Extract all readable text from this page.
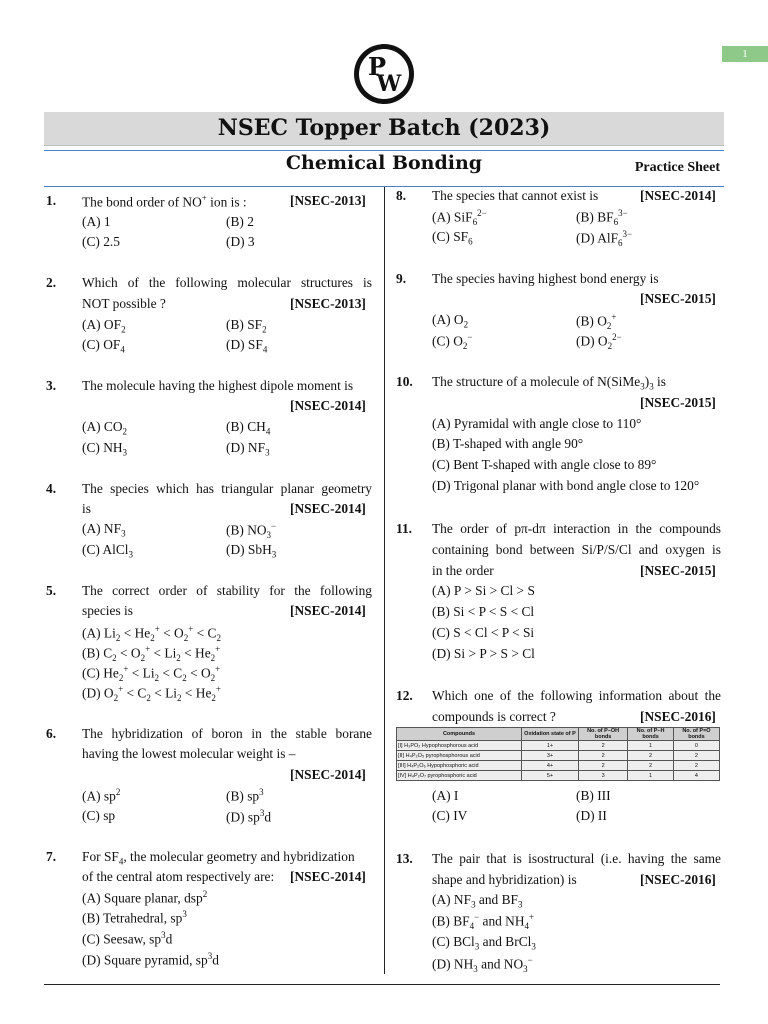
1
P
W
NSEC Topper Batch (2023)
Chemical Bonding	Practice Sheet
1. The bond order of NO+ ion is :	[NSEC-2013]
(A) 1	(B) 2
(C) 2.5	(D) 3
2. Which of the following molecular structures is
NOT possible ?	[NSEC-2013]
(A) $OF_2$	(B) $SF_2$
(C) $OF_4$	(D) $SF_4$
3. The molecule having the highest dipole moment is
[NSEC-2014]
(A) $CO_2$	(B) $CH_4$
(C) $NH_3$	(D) $NF_3$
4. The species which has triangular planar geometry
is	[NSEC-2014]
(A) $NF_3$	(B) $NO_3^-$
(C) AlCl$_3$	(D) SbH$_3$
5. The correct order of stability for the following
species is	[NSEC-2014]
(A) $Li_2 < He_2^+ < O_2^+ < C_2$
(B) $C_2 < O_2^+ < Li_2 < He_2^+$
(C) $He_2^+ < Li_2 < C_2 < O_2^+$
(D) $O_2^+ < C_2 < Li_2 < He_2^+$
6. The hybridization of boron in the stable borane
having the lowest molecular weight is –
[NSEC-2014]
(A) $sp^2$	(B) $sp^3$
(C) sp	(D) $sp^3d$
7. For $SF_4$, the molecular geometry and hybridization
of the central atom respectively are: [NSEC-2014]
(A) Square planar, dsp$^2$
(B) Tetrahedral, $sp^3$
(C) Seesaw, $sp^3d$
(D) Square pyramid, $sp^3d$
8. The species that cannot exist is	[NSEC-2014]
(A) SiF$_6^{2-}$	(B) $BF_6^{3-}$
(C) $SF_6$	(D) AlF$_6^{3-}$
9. The species having highest bond energy is
[NSEC-2015]
(A) $O_2$	(B) $O_2^+$
(C) $O_2^-$	(D) $O_2^{2-}$
10. The structure of a molecule of $N(SiMe_3)_3$ is
[NSEC-2015]
(A) Pyramidal with angle close to 110°
(B) T-shaped with angle 90°
(C) Bent T-shaped with angle close to 89°
(D) Trigonal planar with bond angle close to 120°
11. The order of pπ-dπ interaction in the compounds
containing bond between Si/P/S/Cl and oxygen is
in the order	[NSEC-2015]
(A) P > Si > Cl > S
(B) Si < P < S < Cl
(C) S < Cl < P < Si
(D) Si > P > S > Cl
12. Which one of the following information about the
compounds is correct ?	[NSEC-2016]
Compounds	Oxidation state of P	No. of P–OH bonds	No. of P–H bonds	No. of P=O bonds
[I] H₃PO₂ Hypophosphorous acid	1+	2	1	0
[II] H₄P₂O₅ pyrophosphorous acid	3+	2	2	2
[III] H₄P₂O₆ Hypophosphoric acid	4+	2	2	2
[IV] H₄P₂O₇ pyrophosphoric acid	5+	3	1	4
(A) I	(B) III
(C) IV	(D) II
13. The pair that is isostructural (i.e. having the same
shape and hybridization) is	[NSEC-2016]
(A) $NF_3$ and $BF_3$
(B) $BF_4^-$ and $NH_4^+$
(C) BCl$_3$ and BrCl$_3$
(D) $NH_3$ and $NO_3^-$
